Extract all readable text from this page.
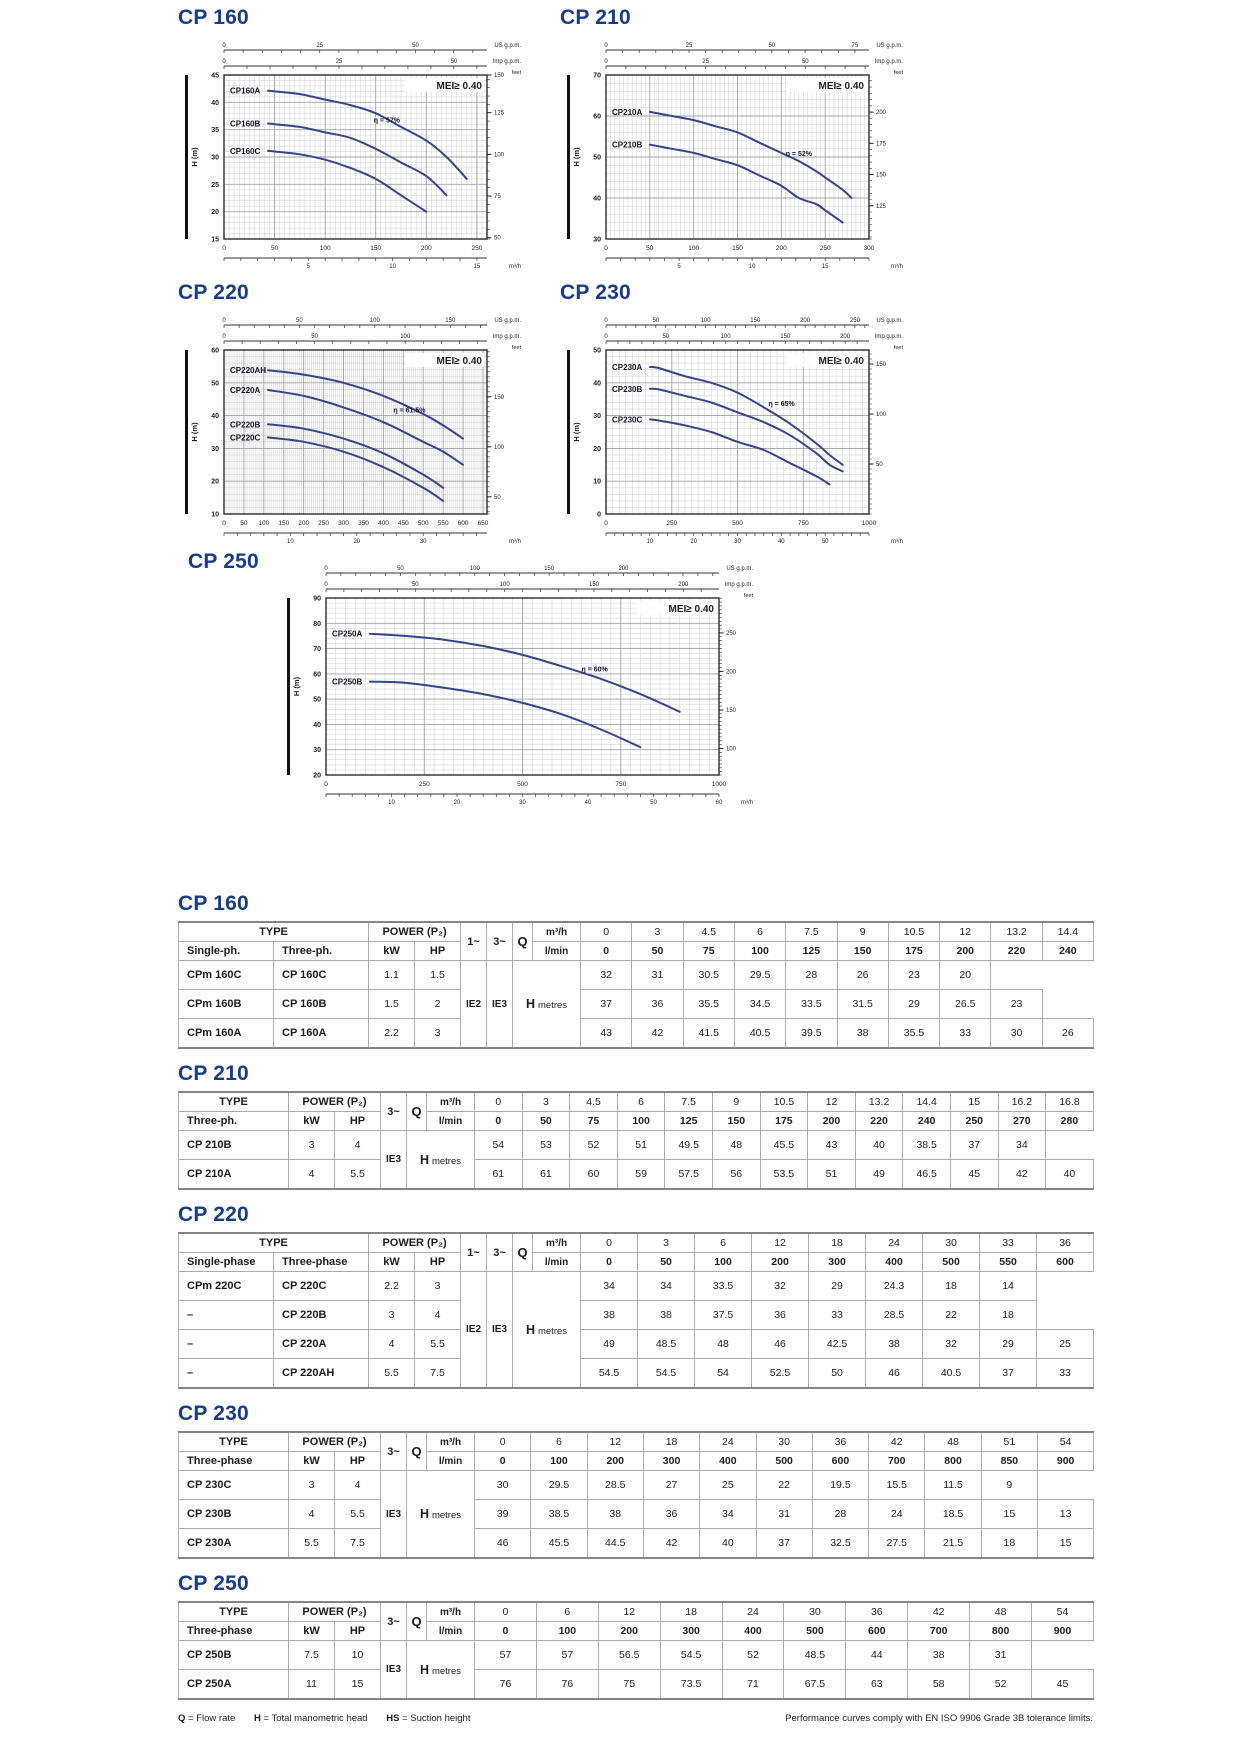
CP 160
15
20
25
30
35
40
45
H (m)
0	50	100	150	200	250
5	10	15	m³/h
0	25	50	US g.p.m.
0	25	50	Imp g.p.m.
50
75
100
125
150 feet
MEI≥ 0.40
CP160A
CP160B
CP160C
η = 57%
CP 210
30
40
50
60
70
H (m)
0	50	100	150	200	250	300
5	10	15	m³/h
0	25	50	75	US g.p.m.
0	25	50	Imp g.p.m.
125
150
175
200
feet
MEI≥ 0.40
CP210A
CP210B
η = 52%
CP 220
10
20
30
40
50
60
H (m)
0 50 100 150 200 250 300 350 400 450 500 550 600 650
10	20	30	m³/h
0	50	100	150	US g.p.m.
0	50	100	Imp g.p.m.
50
100
150
feet
MEI≥ 0.40
CP220AH
CP220A
CP220B
CP220C
η = 61.5%
CP 230
0
10
20
30
40
50
H (m)
0	250	500	750	1000
10	20	30	40	50	m³/h
0	50	100	150	200	250	US g.p.m.
0	50	100	150	200	Imp g.p.m.
50
100
150
feet
MEI≥ 0.40
CP230A
CP230B
CP230C
η = 65%
CP 250
20
30
40
50
60
70
80
90
H (m)
0	250	500	750	1000
10	20	30	40	50	60	m³/h
0	50	100	150	200	US g.p.m.
0	50	100	150	200	Imp g.p.m.
100
150
200
250
feet
MEI≥ 0.40
CP250A
CP250B
η = 60%
CP 160
TYPE		POWER (P₂)		1~	3~	Q	m³/h	0	3	4.5	6	7.5	9	10.5	12	13.2	14.4
Single-ph.	Three-ph.	kW	HP				l/min	0	50	75	100	125	150	175	200	220	240
CPm 160C	CP 160C	1.1	1.5	IE2	IE3	H metres		32	31	30.5	29.5	28	26	23	20		
CPm 160B	CP 160B	1.5	2					37	36	35.5	34.5	33.5	31.5	29	26.5	23	
CPm 160A	CP 160A	2.2	3					43	42	41.5	40.5	39.5	38	35.5	33	30	26
CP 210
TYPE	POWER (P₂)		3~	Q	m³/h	0	3	4.5	6	7.5	9	10.5	12	13.2	14.4	15	16.2	16.8
Three-ph.	kW	HP			l/min	0	50	75	100	125	150	175	200	220	240	250	270	280
CP 210B	3	4	IE3	H metres		54	53	52	51	49.5	48	45.5	43	40	38.5	37	34	
CP 210A	4	5.5				61	61	60	59	57.5	56	53.5	51	49	46.5	45	42	40
CP 220
TYPE		POWER (P₂)		1~	3~	Q	m³/h	0	3	6	12	18	24	30	33	36
Single-phase	Three-phase	kW	HP				l/min	0	50	100	200	300	400	500	550	600
CPm 220C	CP 220C	2.2	3	IE2	IE3	H metres		34	34	33.5	32	29	24.3	18	14	
–	CP 220B	3	4					38	38	37.5	36	33	28.5	22	18	
–	CP 220A	4	5.5					49	48.5	48	46	42.5	38	32	29	25
–	CP 220AH	5.5	7.5					54.5	54.5	54	52.5	50	46	40.5	37	33
CP 230
TYPE	POWER (P₂)		3~	Q	m³/h	0	6	12	18	24	30	36	42	48	51	54
Three-phase	kW	HP			l/min	0	100	200	300	400	500	600	700	800	850	900
CP 230C	3	4	IE3	H metres		30	29.5	28.5	27	25	22	19.5	15.5	11.5	9	
CP 230B	4	5.5				39	38.5	38	36	34	31	28	24	18.5	15	13
CP 230A	5.5	7.5				46	45.5	44.5	42	40	37	32.5	27.5	21.5	18	15
CP 250
TYPE	POWER (P₂)		3~	Q	m³/h	0	6	12	18	24	30	36	42	48	54
Three-phase	kW	HP			l/min	0	100	200	300	400	500	600	700	800	900
CP 250B	7.5	10	IE3	H metres		57	57	56.5	54.5	52	48.5	44	38	31	
CP 250A	11	15				76	76	75	73.5	71	67.5	63	58	52	45
Q = Flow rate H = Total manometric head HS = Suction height	Performance curves comply with EN ISO 9906 Grade 3B tolerance limits.
